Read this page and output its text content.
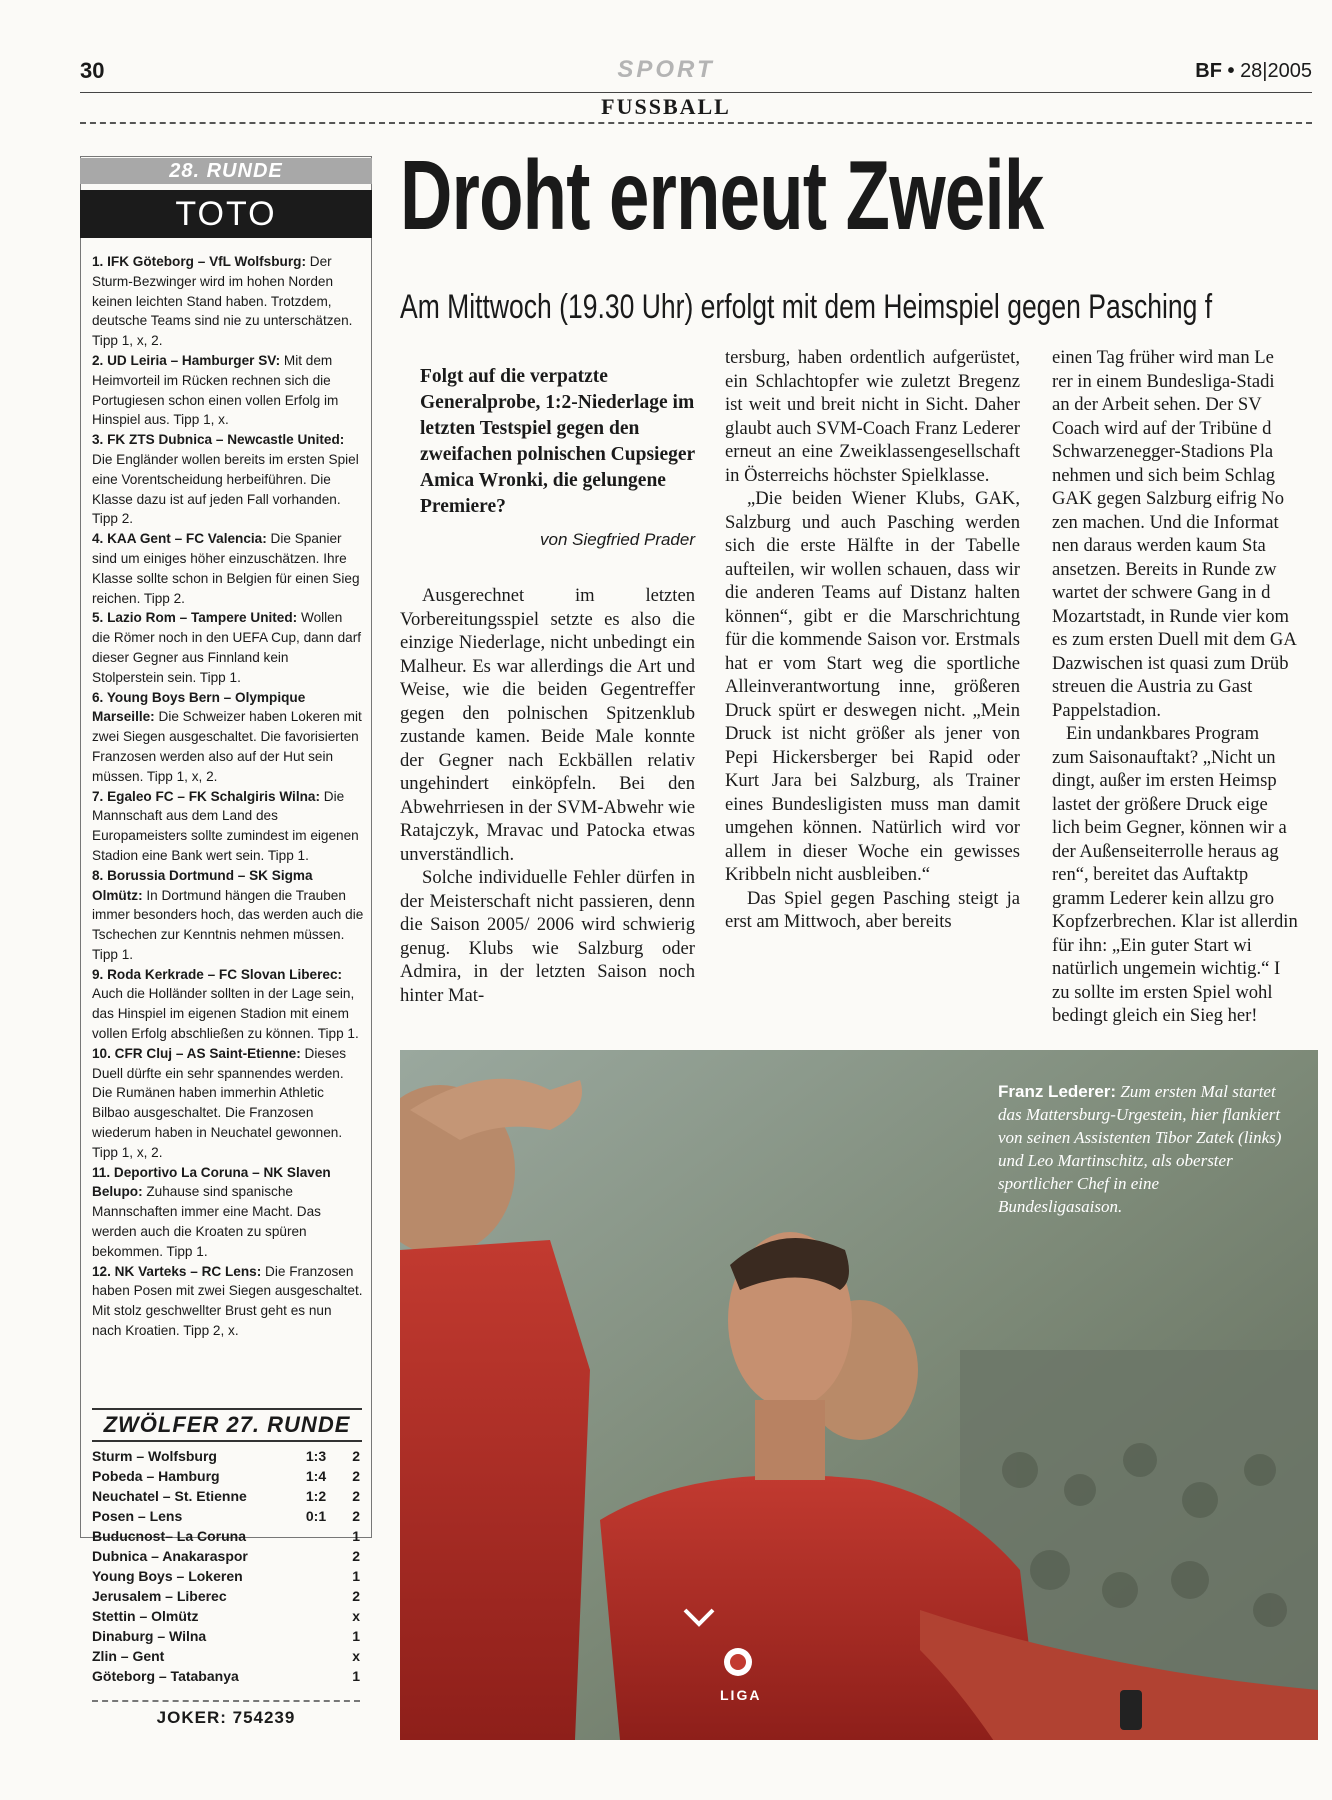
30	SPORT	BF • 28|2005
FUSSBALL
28. RUNDE
TOTO

1. IFK Göteborg – VfL Wolfsburg: Der Sturm-Bezwinger wird im hohen Norden keinen leichten Stand haben. Trotzdem, deutsche Teams sind nie zu unterschätzen. Tipp 1, x, 2.

2. UD Leiria – Hamburger SV: Mit dem Heimvorteil im Rücken rechnen sich die Portugiesen schon einen vollen Erfolg im Hinspiel aus. Tipp 1, x.

3. FK ZTS Dubnica – Newcastle United: Die Engländer wollen bereits im ersten Spiel eine Vorentscheidung herbeiführen. Die Klasse dazu ist auf jeden Fall vorhanden. Tipp 2.

4. KAA Gent – FC Valencia: Die Spanier sind um einiges höher einzuschätzen. Ihre Klasse sollte schon in Belgien für einen Sieg reichen. Tipp 2.

5. Lazio Rom – Tampere United: Wollen die Römer noch in den UEFA Cup, dann darf dieser Gegner aus Finnland kein Stolperstein sein. Tipp 1.

6. Young Boys Bern – Olympique Marseille: Die Schweizer haben Lokeren mit zwei Siegen ausgeschaltet. Die favorisierten Franzosen werden also auf der Hut sein müssen. Tipp 1, x, 2.

7. Egaleo FC – FK Schalgiris Wilna: Die Mannschaft aus dem Land des Europameisters sollte zumindest im eigenen Stadion eine Bank wert sein. Tipp 1.

8. Borussia Dortmund – SK Sigma Olmütz: In Dortmund hängen die Trauben immer besonders hoch, das werden auch die Tschechen zur Kenntnis nehmen müssen. Tipp 1.

9. Roda Kerkrade – FC Slovan Liberec: Auch die Holländer sollten in der Lage sein, das Hinspiel im eigenen Stadion mit einem vollen Erfolg abschließen zu können. Tipp 1.

10. CFR Cluj – AS Saint-Etienne: Dieses Duell dürfte ein sehr spannendes werden. Die Rumänen haben immerhin Athletic Bilbao ausgeschaltet. Die Franzosen wiederum haben in Neuchatel gewonnen. Tipp 1, x, 2.

11. Deportivo La Coruna – NK Slaven Belupo: Zuhause sind spanische Mannschaften immer eine Macht. Das werden auch die Kroaten zu spüren bekommen. Tipp 1.

12. NK Varteks – RC Lens: Die Franzosen haben Posen mit zwei Siegen ausgeschaltet. Mit stolz geschwellter Brust geht es nun nach Kroatien. Tipp 2, x.

ZWÖLFER 27. RUNDE
Sturm – Wolfsburg	1:3	2
Pobeda – Hamburg	1:4	2
Neuchatel – St. Etienne	1:2	2
Posen – Lens	0:1	2
Buducnost– La Coruna		1
Dubnica – Anakaraspor		2
Young Boys – Lokeren		1
Jerusalem – Liberec		2
Stettin – Olmütz		x
Dinaburg – Wilna		1
Zlin – Gent		x
Göteborg – Tatabanya		1
JOKER: 754239
Droht erneut Zweik
Am Mittwoch (19.30 Uhr) erfolgt mit dem Heimspiel gegen Pasching f
Folgt auf die verpatzte Generalprobe, 1:2-Niederlage im letzten Testspiel gegen den zweifachen polnischen Cupsieger Amica Wronki, die gelungene Premiere?
von Siegfried Prader

Ausgerechnet im letzten Vorbereitungsspiel setzte es also die einzige Niederlage, nicht unbedingt ein Malheur. Es war allerdings die Art und Weise, wie die beiden Gegentreffer gegen den polnischen Spitzenklub zustande kamen. Beide Male konnte der Gegner nach Eckbällen relativ ungehindert einköpfeln. Bei den Abwehrriesen in der SVM-Abwehr wie Ratajczyk, Mravac und Patocka etwas unverständlich.

Solche individuelle Fehler dürfen in der Meisterschaft nicht passieren, denn die Saison 2005/ 2006 wird schwierig genug. Klubs wie Salzburg oder Admira, in der letzten Saison noch hinter Mat-

tersburg, haben ordentlich aufgerüstet, ein Schlachtopfer wie zuletzt Bregenz ist weit und breit nicht in Sicht. Daher glaubt auch SVM-Coach Franz Lederer erneut an eine Zweiklassengesellschaft in Österreichs höchster Spielklasse.

„Die beiden Wiener Klubs, GAK, Salzburg und auch Pasching werden sich die erste Hälfte in der Tabelle aufteilen, wir wollen schauen, dass wir die anderen Teams auf Distanz halten können“, gibt er die Marschrichtung für die kommende Saison vor. Erstmals hat er vom Start weg die sportliche Alleinverantwortung inne, größeren Druck spürt er deswegen nicht. „Mein Druck ist nicht größer als jener von Pepi Hickersberger bei Rapid oder Kurt Jara bei Salzburg, als Trainer eines Bundesligisten muss man damit umgehen können. Natürlich wird vor allem in dieser Woche ein gewisses Kribbeln nicht ausbleiben.“

Das Spiel gegen Pasching steigt ja erst am Mittwoch, aber bereits

einen Tag früher wird man Le
rer in einem Bundesliga-Stadi
an der Arbeit sehen. Der SV
Coach wird auf der Tribüne d
Schwarzenegger-Stadions Pla
nehmen und sich beim Schlag
GAK gegen Salzburg eifrig No
zen machen. Und die Informat
nen daraus werden kaum Sta
ansetzen. Bereits in Runde zw
wartet der schwere Gang in d
Mozartstadt, in Runde vier kom
es zum ersten Duell mit dem GA
Dazwischen ist quasi zum Drüb
streuen die Austria zu Gast
Pappelstadion.
Ein undankbares Program
zum Saisonauftakt? „Nicht un
dingt, außer im ersten Heimsp
lastet der größere Druck eige
lich beim Gegner, können wir a
der Außenseiterrolle heraus ag
ren“, bereitet das Auftaktp
gramm Lederer kein allzu gro
Kopfzerbrechen. Klar ist allerdin
für ihn: „Ein guter Start wi
natürlich ungemein wichtig.“ I
zu sollte im ersten Spiel wohl
bedingt gleich ein Sieg her!
LIGA
Franz Lederer: Zum ersten Mal startet das Mattersburg-Urgestein, hier flankiert von seinen Assistenten Tibor Zatek (links) und Leo Martinschitz, als oberster sportlicher Chef in eine Bundesligasaison.
